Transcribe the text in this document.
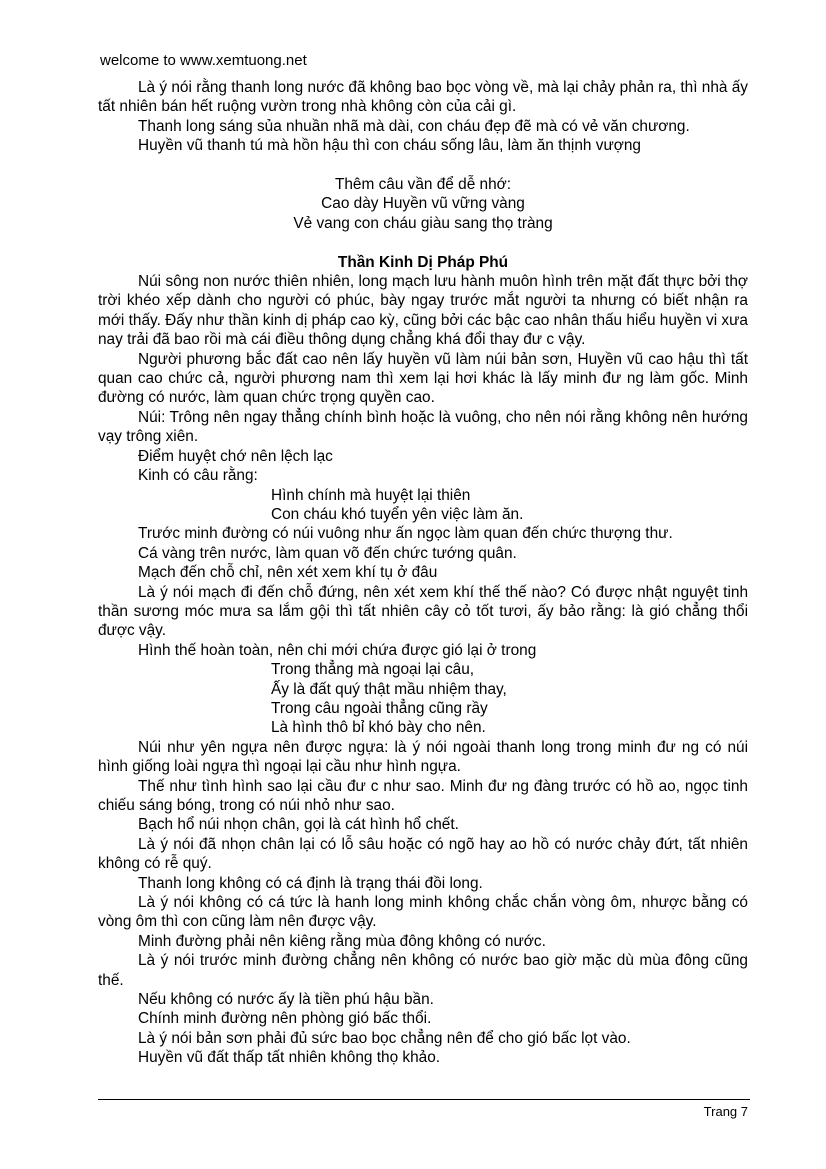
welcome to www.xemtuong.net
Là ý nói rằng thanh long nước đã không bao bọc vòng về, mà lại chảy phản ra, thì nhà ấy tất nhiên bán hết ruộng vườn trong nhà không còn của cải gì.
Thanh long sáng sủa nhuần nhã mà dài, con cháu đẹp đẽ mà có vẻ văn chương.
Huyền vũ thanh tú mà hồn hậu thì con cháu sống lâu, làm ăn thịnh vượng
Thêm câu vần để dễ nhớ:
Cao dày Huyền vũ vững vàng
Vẻ vang con cháu giàu sang thọ tràng
Thần Kinh Dị Pháp Phú
Núi sông non nước thiên nhiên, long mạch lưu hành muôn hình trên mặt đất thực bởi thợ trời khéo xếp dành cho người có phúc, bày ngay trước mắt người ta nhưng có biết nhận ra mới thấy. Đấy như thần kinh dị pháp cao kỳ, cũng bởi các bậc cao nhân thấu hiểu huyền vi xưa nay trải đã bao rồi mà cái điều thông dụng chẳng khá đổi thay đư c vậy.
Người phương bắc đất cao nên lấy huyền vũ làm núi bản sơn, Huyền vũ cao hậu thì tất quan cao chức cả, người phương nam thì xem lại hơi khác là lấy minh đư ng làm gốc. Minh đường có nước, làm quan chức trọng quyền cao.
Núi: Trông nên ngay thẳng chính bình hoặc là vuông, cho nên nói rằng không nên hướng vạy trông xiên.
Điểm huyệt chớ nên lệch lạc
Kinh có câu rằng:
Hình chính mà huyệt lại thiên
Con cháu khó tuyển yên việc làm ăn.
Trước minh đường có núi vuông như ấn ngọc làm quan đến chức thượng thư.
Cá vàng trên nước, làm quan võ đến chức tướng quân.
Mạch đến chỗ chỉ, nên xét xem khí tụ ở đâu
Là ý nói mạch đi đến chỗ đứng, nên xét xem khí thế thế nào? Có được nhật nguyệt tinh thần sương móc mưa sa lắm gội thì tất nhiên cây cỏ tốt tươi, ấy bảo rằng: là gió chẳng thổi được vậy.
Hình thế hoàn toàn, nên chi mới chứa được gió lại ở trong
Trong thẳng mà ngoại lại câu,
Ấy là đất quý thật mầu nhiệm thay,
Trong câu ngoài thẳng cũng rầy
Là hình thô bỉ khó bày cho nên.
Núi như yên ngựa nên được ngựa: là ý nói ngoài thanh long trong minh đư ng có núi hình giống loài ngựa thì ngoại lại cầu như hình ngựa.
Thế như tình hình sao lại cầu đư c như sao. Minh đư ng đàng trước có hồ ao, ngọc tinh chiếu sáng bóng, trong có núi nhỏ như sao.
Bạch hổ núi nhọn chân, gọi là cát hình hổ chết.
Là ý nói đã nhọn chân lại có lỗ sâu hoặc có ngõ hay ao hồ có nước chảy đứt, tất nhiên không có rễ quý.
Thanh long không có cá định là trạng thái đồi long.
Là ý nói không có cá tức là hanh long minh không chắc chắn vòng ôm, nhược bằng có vòng ôm thì con cũng làm nên được vậy.
Minh đường phải nên kiêng rằng mùa đông không có nước.
Là ý nói trước minh đường chẳng nên không có nước bao giờ mặc dù mùa đông cũng thế.
Nếu không có nước ấy là tiền phú hậu bần.
Chính minh đường nên phòng gió bấc thổi.
Là ý nói bản sơn phải đủ sức bao bọc chẳng nên để cho gió bấc lọt vào.
Huyền vũ đất thấp tất nhiên không thọ khảo.
Trang 7
